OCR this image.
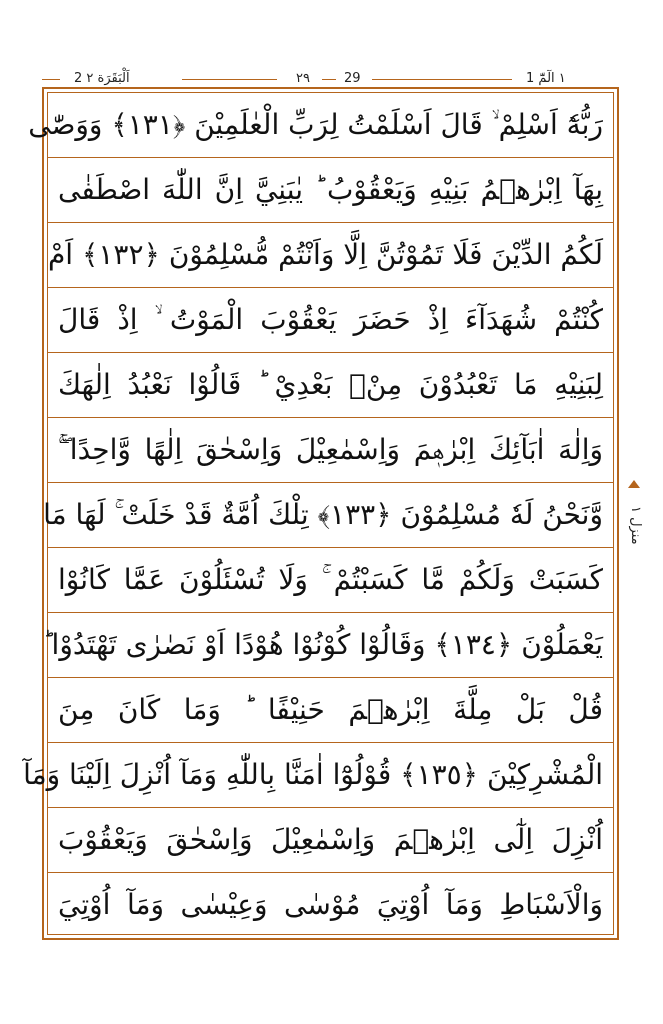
2 اَلْبَقَرَة ٢	٢٩	29	١ الٓمّٓ 1
منزل ١
رَبُّهٗٓ اَسْلِمْ ۙ قَالَ اَسْلَمْتُ لِرَبِّ الْعٰلَمِيْنَ ﴿١٣١﴾ وَوَصّٰى
بِهَآ اِبْرٰهٖمُ بَنِيْهِ وَيَعْقُوْبُ ؕ يٰبَنِيَّ اِنَّ اللّٰهَ اصْطَفٰى
لَكُمُ الدِّيْنَ فَلَا تَمُوْتُنَّ اِلَّا وَاَنْتُمْ مُّسْلِمُوْنَ ﴿١٣٢﴾ اَمْ
كُنْتُمْ شُهَدَآءَ اِذْ حَضَرَ يَعْقُوْبَ الْمَوْتُ ۙ اِذْ قَالَ
لِبَنِيْهِ مَا تَعْبُدُوْنَ مِنْۢ بَعْدِيْ ؕ قَالُوْا نَعْبُدُ اِلٰهَكَ
وَاِلٰهَ اٰبَآئِكَ اِبْرٰهٖمَ وَاِسْمٰعِيْلَ وَاِسْحٰقَ اِلٰهًا وَّاحِدًا ۖۚ
وَّنَحْنُ لَهٗ مُسْلِمُوْنَ ﴿١٣٣﴾ تِلْكَ اُمَّةٌ قَدْ خَلَتْ ۚ لَهَا مَا
كَسَبَتْ وَلَكُمْ مَّا كَسَبْتُمْ ۚ وَلَا تُسْئَلُوْنَ عَمَّا كَانُوْا
يَعْمَلُوْنَ ﴿١٣٤﴾ وَقَالُوْا كُوْنُوْا هُوْدًا اَوْ نَصٰرٰى تَهْتَدُوْا ؕ
قُلْ بَلْ مِلَّةَ اِبْرٰهٖمَ حَنِيْفًا ؕ وَمَا كَانَ مِنَ
الْمُشْرِكِيْنَ ﴿١٣٥﴾ قُوْلُوْٓا اٰمَنَّا بِاللّٰهِ وَمَآ اُنْزِلَ اِلَيْنَا وَمَآ
اُنْزِلَ اِلٰٓى اِبْرٰهٖمَ وَاِسْمٰعِيْلَ وَاِسْحٰقَ وَيَعْقُوْبَ
وَالْاَسْبَاطِ وَمَآ اُوْتِيَ مُوْسٰى وَعِيْسٰى وَمَآ اُوْتِيَ
